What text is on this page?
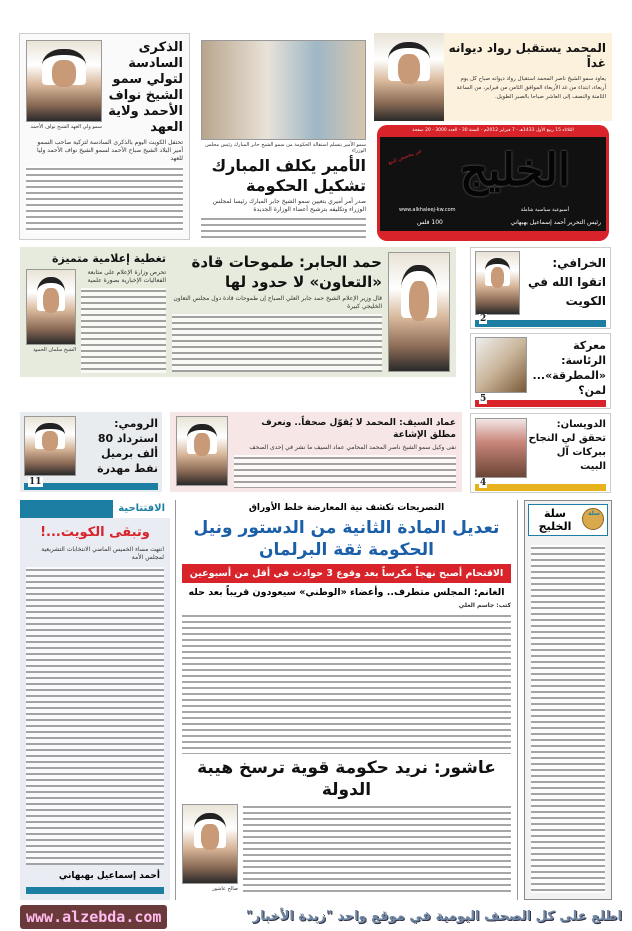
سمو ولي العهد الشيخ نواف الأحمد
الذكرى السادسة لتولي سمو الشيخ نواف الأحمد ولاية العهد
تحتفل الكويت اليوم بالذكرى السادسة لتزكية صاحب السمو أمير البلاد الشيخ صباح الأحمد لسمو الشيخ نواف الأحمد وليا للعهد
سمو الأمير يتسلم استقالة الحكومة من سمو الشيخ جابر المبارك رئيس مجلس الوزراء
الأمير يكلف المبارك تشكيل الحكومة
صدر أمر أميري بتعيين سمو الشيخ جابر المبارك رئيسا لمجلس الوزراء وتكليفه بترشيح أعضاء الوزارة الجديدة
المحمد يستقبل رواد ديوانه غداً
يعاود سمو الشيخ ناصر المحمد استقبال رواد ديوانه صباح كل يوم أربعاء، ابتداء من غد الأربعاء الموافق الثامن من فبراير، من الساعة الثامنة والنصف إلى العاشر صباحا بالصبر الطويل.
الثلاثاء 15 ربيع الأول 1433هـ - 7 فبراير 2012م - السنة 30 - العدد 3000 - 20 صفحة
الخليج
غير مخصص للبيع
www.alkhaleej-kw.com	أسبوعية سياسية شاملة
رئيس التحرير أحمد إسماعيل بهبهاني
100 فلس
حمد الجابر: طموحات قادة «التعاون» لا حدود لها
قال وزير الإعلام الشيخ حمد جابر العلي الصباح إن طموحات قادة دول مجلس التعاون الخليجي كبيرة
تغطية إعلامية متميزة
الشيخ سلمان الحمود
تحرص وزارة الإعلام على متابعة الفعاليات الإخبارية بصورة علمية
الخرافي: اتقوا الله في الكويت
2
معركة الرئاسة: «المطرقة»... لمن؟
5
الرومي: استرداد 80 ألف برميل نفط مهدرة
11
عماد السيف: المحمد لا يُقوّل صحفاً.. ونعرف مطلق الإشاعة
نفى وكيل سمو الشيخ ناصر المحمد المحامي عماد السيف ما نشر في إحدى الصحف
الدويسان: تحقق لي النجاح ببركات آل البيت
4
الافتتاحية
وتبقى الكويت...!
انتهت مساء الخميس الماضي الانتخابات التشريعية لمجلس الأمة
أحمد إسماعيل بهبهاني
التصريحات تكشف نية المعارضة خلط الأوراق
تعديل المادة الثانية من الدستور ونيل الحكومة ثقة البرلمان
الاقتحام أصبح نهجاً مكرساً بعد وقوع 3 حوادث في أقل من أسبوعين
الغانم: المجلس متطرف.. وأعضاء «الوطني» سيعودون قريباً بعد حله
كتب: جاسم العلي
عاشور: نريد حكومة قوية ترسخ هيبة الدولة
صالح عاشور
سلة
سلة الخليج
www.alzebda.com	اطلع على كل الصحف اليومية في موقع واحد "زبدة الأخبار"
